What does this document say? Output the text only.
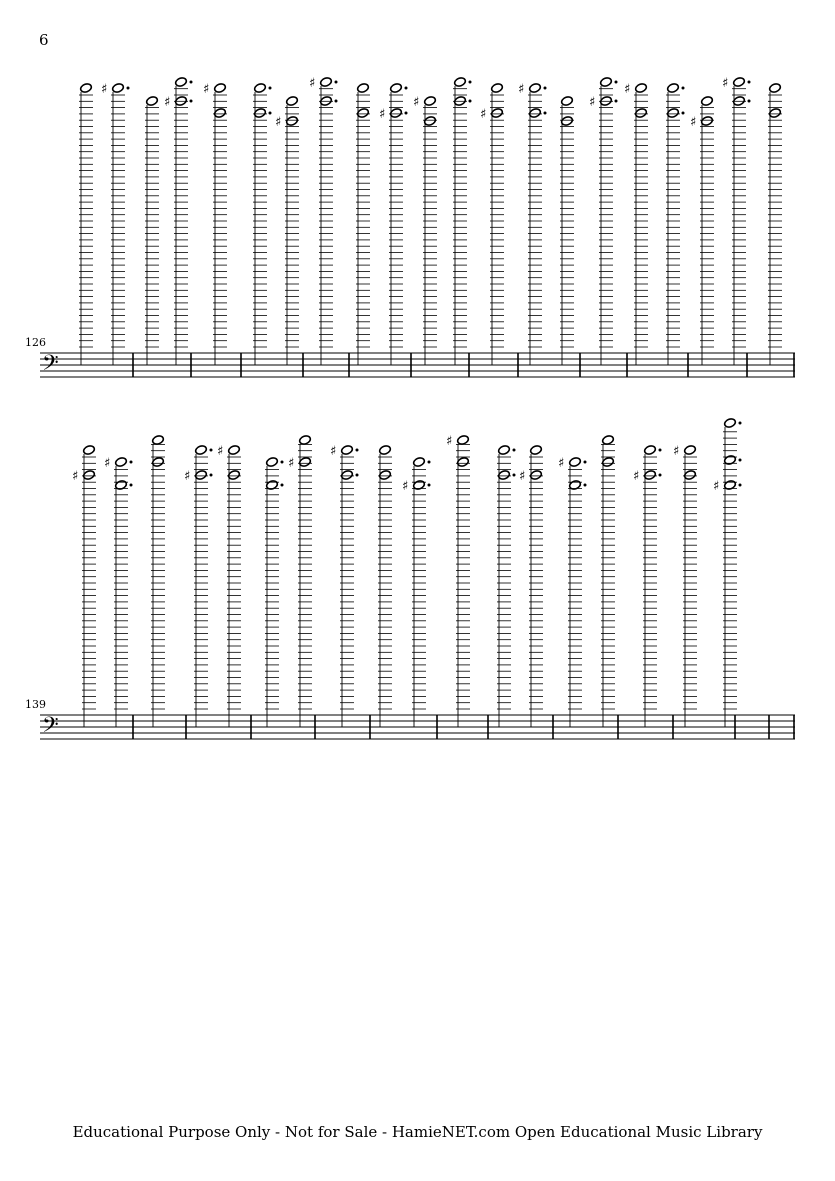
6
126
139
𝄢
♯
♯
♯
♯
♯
♯
♯
♯
♯
♯
♯
♯
♯
𝄢
♯
♯
♯
♯
♯
♯
♯
♯
♯
♯
♯
♯
♯
Educational Purpose Only - Not for Sale - HamieNET.com Open Educational Music Library
